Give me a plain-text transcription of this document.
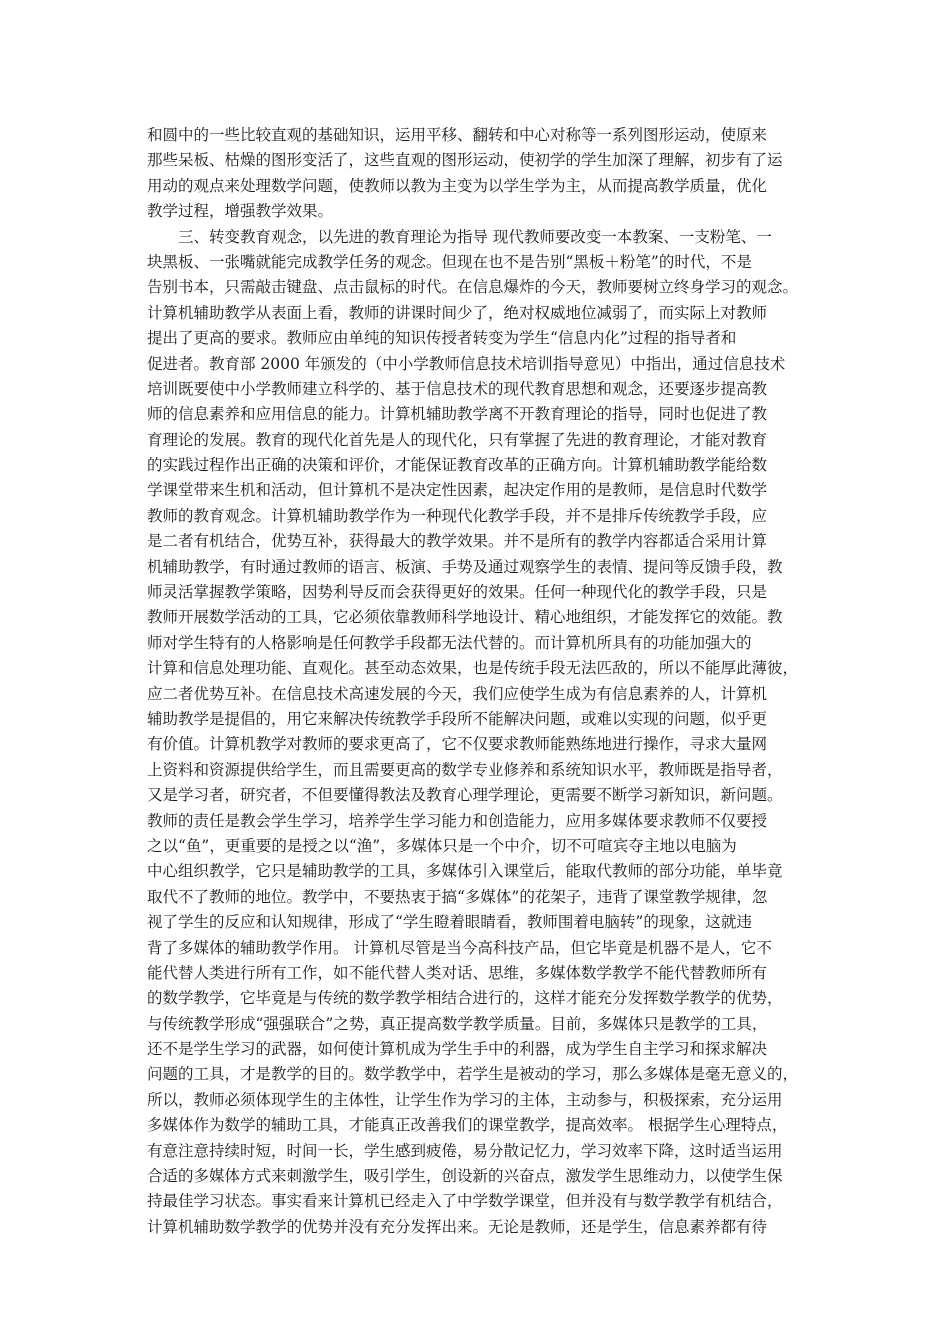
和圆中的一些比较直观的基础知识，运用平移、翻转和中心对称等一系列图形运动，使原来
那些呆板、枯燥的图形变活了，这些直观的图形运动，使初学的学生加深了理解，初步有了运
用动的观点来处理数学问题，使教师以教为主变为以学生学为主，从而提高教学质量，优化
教学过程，增强教学效果。
三、转变教育观念，以先进的教育理论为指导 现代教师要改变一本教案、一支粉笔、一
块黑板、一张嘴就能完成教学任务的观念。但现在也不是告别“黑板＋粉笔”的时代，不是
告别书本，只需敲击键盘、点击鼠标的时代。在信息爆炸的今天，教师要树立终身学习的观念。
计算机辅助教学从表面上看，教师的讲课时间少了，绝对权威地位减弱了，而实际上对教师
提出了更高的要求。教师应由单纯的知识传授者转变为学生“信息内化”过程的指导者和
促进者。教育部 2000 年颁发的（中小学教师信息技术培训指导意见）中指出，通过信息技术
培训既要使中小学教师建立科学的、基于信息技术的现代教育思想和观念，还要逐步提高教
师的信息素养和应用信息的能力。计算机辅助教学离不开教育理论的指导，同时也促进了教
育理论的发展。教育的现代化首先是人的现代化，只有掌握了先进的教育理论，才能对教育
的实践过程作出正确的决策和评价，才能保证教育改革的正确方向。计算机辅助教学能给数
学课堂带来生机和活动，但计算机不是决定性因素，起决定作用的是教师，是信息时代数学
教师的教育观念。计算机辅助教学作为一种现代化教学手段，并不是排斥传统教学手段，应
是二者有机结合，优势互补，获得最大的教学效果。并不是所有的教学内容都适合采用计算
机辅助教学，有时通过教师的语言、板演、手势及通过观察学生的表情、提问等反馈手段，教
师灵活掌握教学策略，因势利导反而会获得更好的效果。任何一种现代化的教学手段，只是
教师开展数学活动的工具，它必须依靠教师科学地设计、精心地组织，才能发挥它的效能。教
师对学生特有的人格影响是任何教学手段都无法代替的。而计算机所具有的功能加强大的
计算和信息处理功能、直观化。甚至动态效果，也是传统手段无法匹敌的，所以不能厚此薄彼，
应二者优势互补。在信息技术高速发展的今天，我们应使学生成为有信息素养的人，计算机
辅助教学是提倡的，用它来解决传统教学手段所不能解决问题，或难以实现的问题，似乎更
有价值。计算机教学对教师的要求更高了，它不仅要求教师能熟练地进行操作，寻求大量网
上资料和资源提供给学生，而且需要更高的数学专业修养和系统知识水平，教师既是指导者，
又是学习者，研究者，不但要懂得教法及教育心理学理论，更需要不断学习新知识，新问题。
教师的责任是教会学生学习，培养学生学习能力和创造能力，应用多媒体要求教师不仅要授
之以“鱼”，更重要的是授之以“渔”，多媒体只是一个中介，切不可喧宾夺主地以电脑为
中心组织教学，它只是辅助教学的工具，多媒体引入课堂后，能取代教师的部分功能，单毕竟
取代不了教师的地位。教学中，不要热衷于搞“多媒体”的花架子，违背了课堂教学规律，忽
视了学生的反应和认知规律，形成了“学生瞪着眼睛看，教师围着电脑转”的现象，这就违
背了多媒体的辅助教学作用。 计算机尽管是当今高科技产品，但它毕竟是机器不是人，它不
能代替人类进行所有工作，如不能代替人类对话、思维，多媒体数学教学不能代替教师所有
的数学教学，它毕竟是与传统的数学教学相结合进行的，这样才能充分发挥数学教学的优势，
与传统教学形成“强强联合”之势，真正提高数学教学质量。目前，多媒体只是教学的工具，
还不是学生学习的武器，如何使计算机成为学生手中的利器，成为学生自主学习和探求解决
问题的工具，才是教学的目的。数学教学中，若学生是被动的学习，那么多媒体是毫无意义的，
所以，教师必须体现学生的主体性，让学生作为学习的主体，主动参与，积极探索，充分运用
多媒体作为数学的辅助工具，才能真正改善我们的课堂教学，提高效率。 根据学生心理特点，
有意注意持续时短，时间一长，学生感到疲倦，易分散记忆力，学习效率下降，这时适当运用
合适的多媒体方式来刺激学生，吸引学生，创设新的兴奋点，激发学生思维动力，以使学生保
持最佳学习状态。事实看来计算机已经走入了中学数学课堂，但并没有与数学教学有机结合，
计算机辅助数学教学的优势并没有充分发挥出来。无论是教师，还是学生，信息素养都有待
